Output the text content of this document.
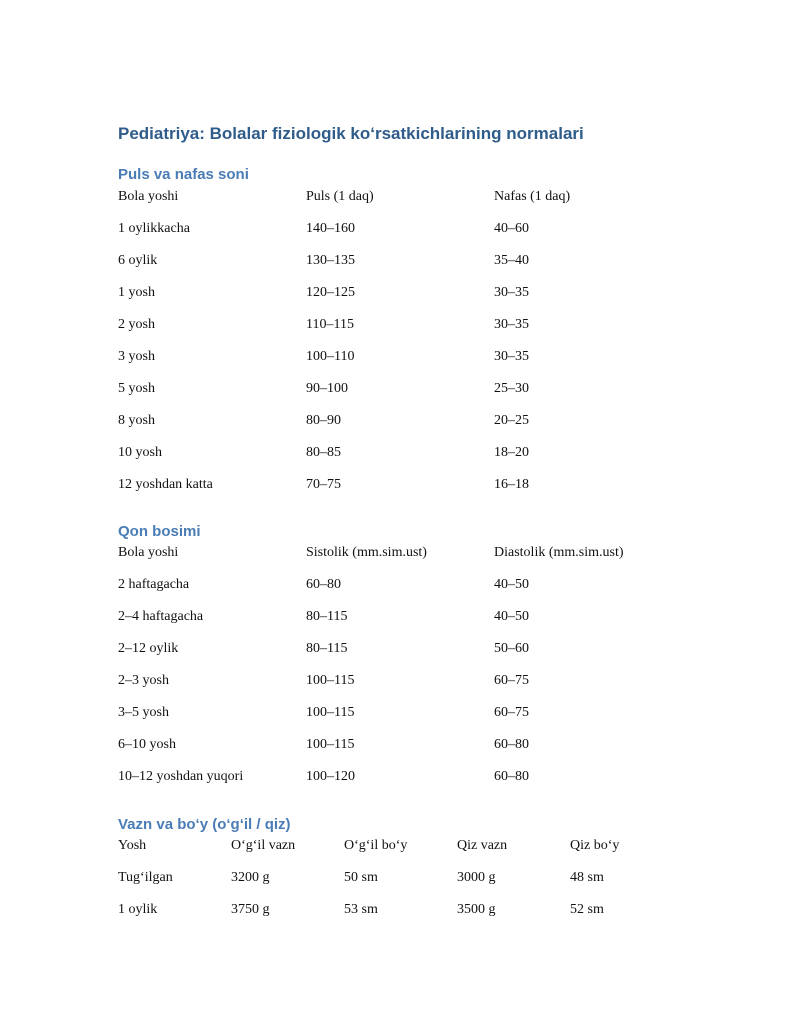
Pediatriya: Bolalar fiziologik ko‘rsatkichlarining normalari
Puls va nafas soni
Bola yoshi	Puls (1 daq)	Nafas (1 daq)
1 oylikkacha	140–160	40–60
6 oylik	130–135	35–40
1 yosh	120–125	30–35
2 yosh	110–115	30–35
3 yosh	100–110	30–35
5 yosh	90–100	25–30
8 yosh	80–90	20–25
10 yosh	80–85	18–20
12 yoshdan katta	70–75	16–18
Qon bosimi
Bola yoshi	Sistolik (mm.sim.ust)	Diastolik (mm.sim.ust)
2 haftagacha	60–80	40–50
2–4 haftagacha	80–115	40–50
2–12 oylik	80–115	50–60
2–3 yosh	100–115	60–75
3–5 yosh	100–115	60–75
6–10 yosh	100–115	60–80
10–12 yoshdan yuqori	100–120	60–80
Vazn va bo‘y (o‘g‘il / qiz)
Yosh	O‘g‘il vazn	O‘g‘il bo‘y	Qiz vazn	Qiz bo‘y
Tug‘ilgan	3200 g	50 sm	3000 g	48 sm
1 oylik	3750 g	53 sm	3500 g	52 sm
